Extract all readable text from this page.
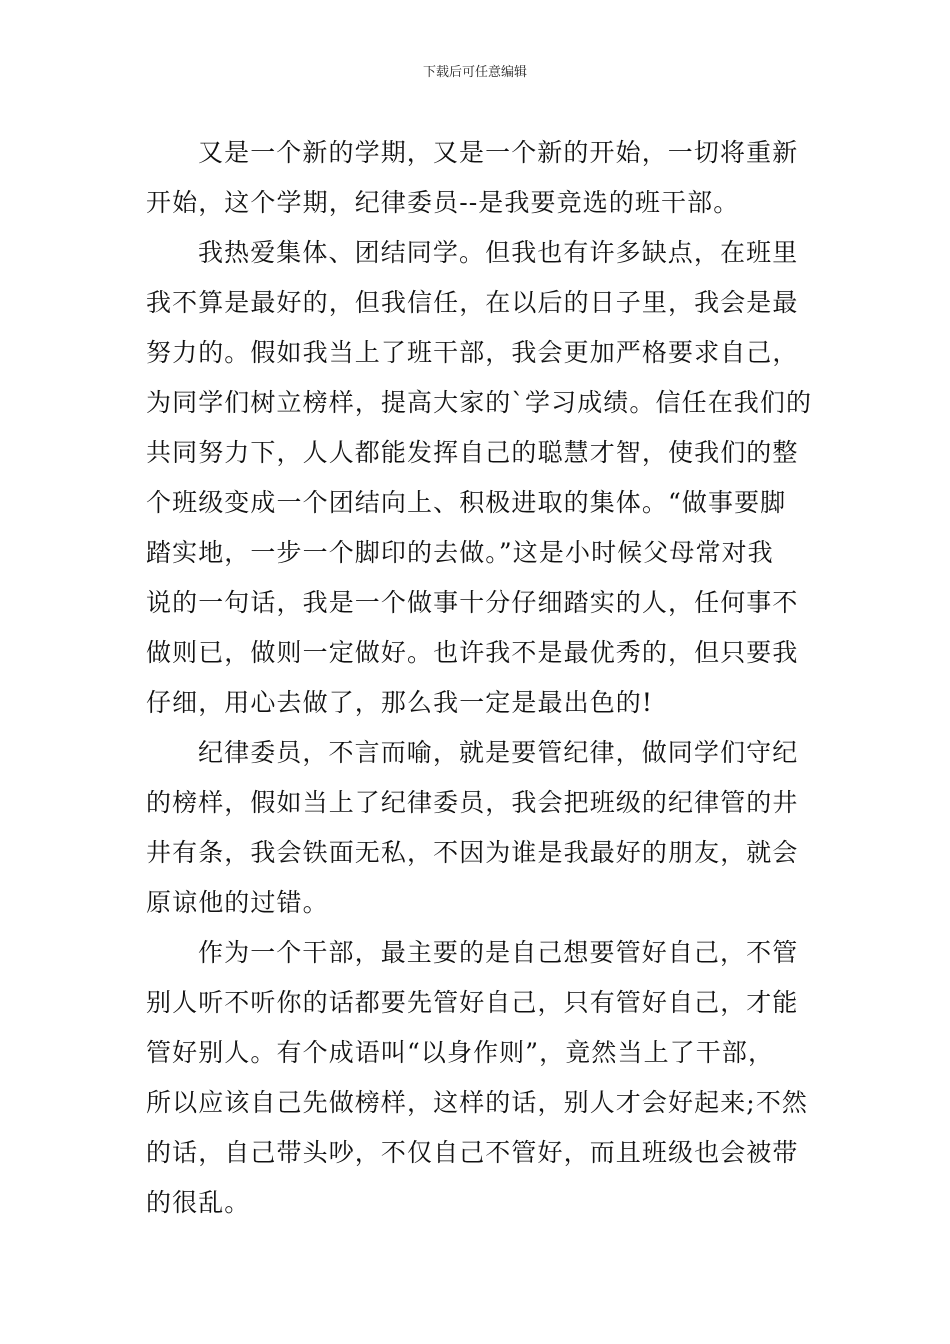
下载后可任意编辑
又是一个新的学期，又是一个新的开始，一切将重新
开始，这个学期，纪律委员--是我要竞选的班干部。
我热爱集体、团结同学。但我也有许多缺点，在班里
我不算是最好的，但我信任，在以后的日子里，我会是最
努力的。假如我当上了班干部，我会更加严格要求自己，
为同学们树立榜样，提高大家的`学习成绩。信任在我们的
共同努力下，人人都能发挥自己的聪慧才智，使我们的整
个班级变成一个团结向上、积极进取的集体。“做事要脚
踏实地，一步一个脚印的去做。”这是小时候父母常对我
说的一句话，我是一个做事十分仔细踏实的人，任何事不
做则已，做则一定做好。也许我不是最优秀的，但只要我
仔细，用心去做了，那么我一定是最出色的!
纪律委员，不言而喻，就是要管纪律，做同学们守纪
的榜样，假如当上了纪律委员，我会把班级的纪律管的井
井有条，我会铁面无私，不因为谁是我最好的朋友，就会
原谅他的过错。
作为一个干部，最主要的是自己想要管好自己，不管
别人听不听你的话都要先管好自己，只有管好自己，才能
管好别人。有个成语叫“以身作则”，竟然当上了干部，
所以应该自己先做榜样，这样的话，别人才会好起来;不然
的话，自己带头吵，不仅自己不管好，而且班级也会被带
的很乱。
